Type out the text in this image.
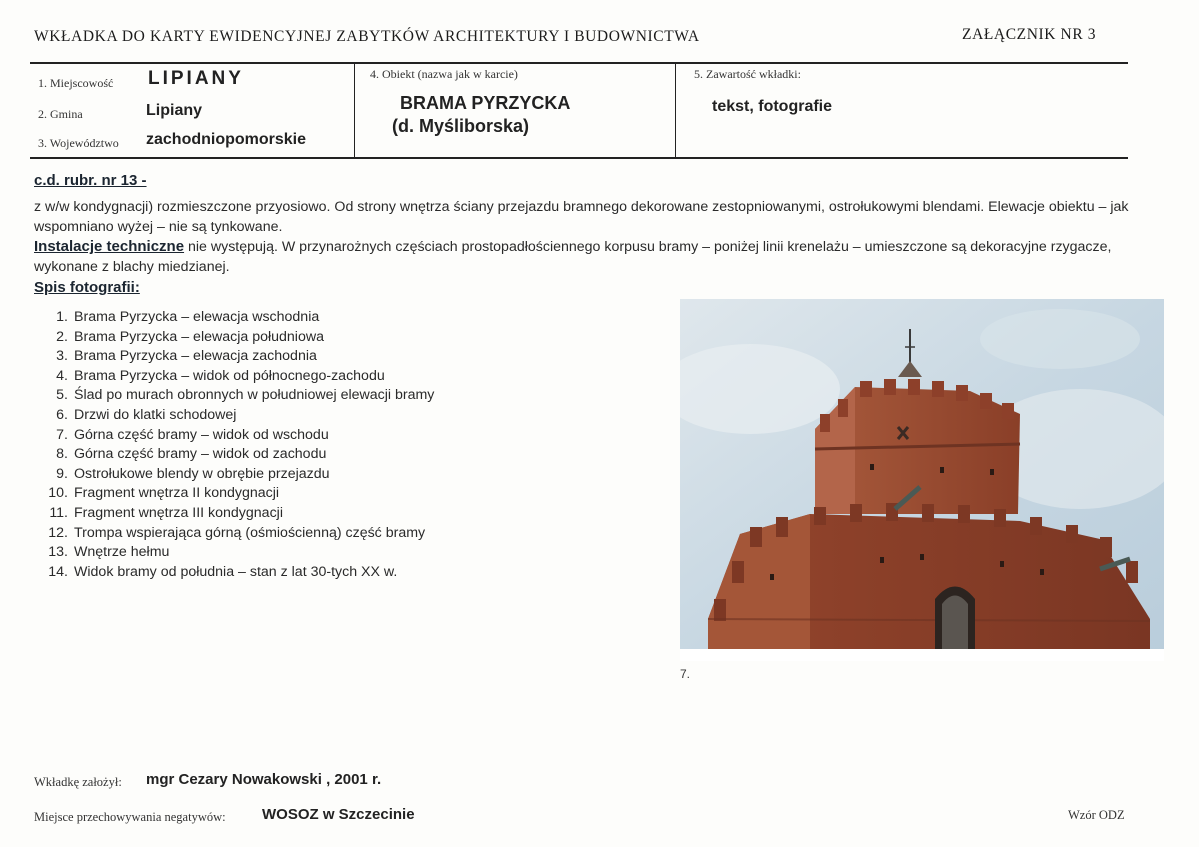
WKŁADKA DO KARTY EWIDENCYJNEJ ZABYTKÓW ARCHITEKTURY I BUDOWNICTWA	ZAŁĄCZNIK NR 3
1. Miejscowość LIPIANY
2. Gmina	Lipiany
3. Województwo zachodniopomorskie
4. Obiekt (nazwa jak w karcie)
BRAMA PYRZYCKA
(d. Myśliborska)
5. Zawartość wkładki:
tekst, fotografie
c.d. rubr. nr 13 -
z w/w kondygnacji) rozmieszczone przyosiowo. Od strony wnętrza ściany przejazdu bramnego dekorowane zestopniowanymi, ostrołukowymi blendami. Elewacje obiektu – jak wspomniano wyżej – nie są tynkowane.
Instalacje techniczne nie występują. W przynarożnych częściach prostopadłościennego korpusu bramy – poniżej linii krenelażu – umieszczone są dekoracyjne rzygacze, wykonane z blachy miedzianej.
Spis fotografii:
1. Brama Pyrzycka – elewacja wschodnia
2. Brama Pyrzycka – elewacja południowa
3. Brama Pyrzycka – elewacja zachodnia
4. Brama Pyrzycka – widok od północnego-zachodu
5. Ślad po murach obronnych w południowej elewacji bramy
6. Drzwi do klatki schodowej
7. Górna część bramy – widok od wschodu
8. Górna część bramy – widok od zachodu
9. Ostrołukowe blendy w obrębie przejazdu
10. Fragment wnętrza II kondygnacji
11. Fragment wnętrza III kondygnacji
12. Trompa wspierająca górną (ośmiościenną) część bramy
13. Wnętrze hełmu
14. Widok bramy od południa – stan z lat 30-tych XX w.
7.
Wkładkę założył: mgr Cezary Nowakowski , 2001 r.
Miejsce przechowywania negatywów: WOSOZ w Szczecinie	Wzór ODZ
